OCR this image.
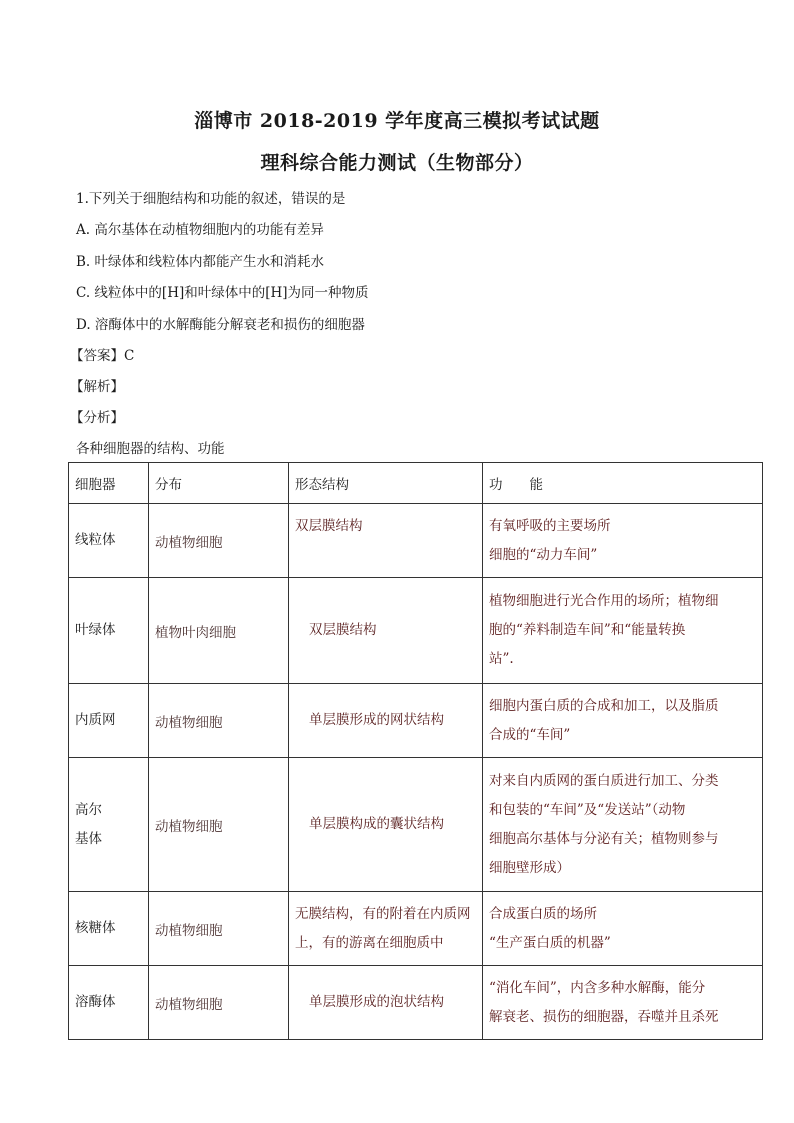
淄博市 2018-2019 学年度高三模拟考试试题
理科综合能力测试（生物部分）

1.下列关于细胞结构和功能的叙述，错误的是

A. 高尔基体在动植物细胞内的功能有差异

B. 叶绿体和线粒体内都能产生水和消耗水

C. 线粒体中的[H]和叶绿体中的[H]为同一种物质

D. 溶酶体中的水解酶能分解衰老和损伤的细胞器

【答案】C

【解析】

【分析】

各种细胞器的结构、功能

细胞器	分布	形态结构	功　　能

线粒体	动植物细胞	双层膜结构	有氧呼吸的主要场所
细胞的“动力车间”

叶绿体	植物叶肉细胞	双层膜结构	植物细胞进行光合作用的场所；植物细
胞的“养料制造车间”和“能量转换
站”.

内质网	动植物细胞	单层膜形成的网状结构	细胞内蛋白质的合成和加工，以及脂质
合成的“车间”

高尔
基体	动植物细胞	单层膜构成的囊状结构	对来自内质网的蛋白质进行加工、分类
和包装的“车间”及“发送站”（动物
细胞高尔基体与分泌有关；植物则参与
细胞壁形成）

核糖体	动植物细胞	无膜结构，有的附着在内质网
上，有的游离在细胞质中	合成蛋白质的场所
“生产蛋白质的机器”

溶酶体	动植物细胞	单层膜形成的泡状结构	“消化车间”，内含多种水解酶，能分
解衰老、损伤的细胞器，吞噬并且杀死
